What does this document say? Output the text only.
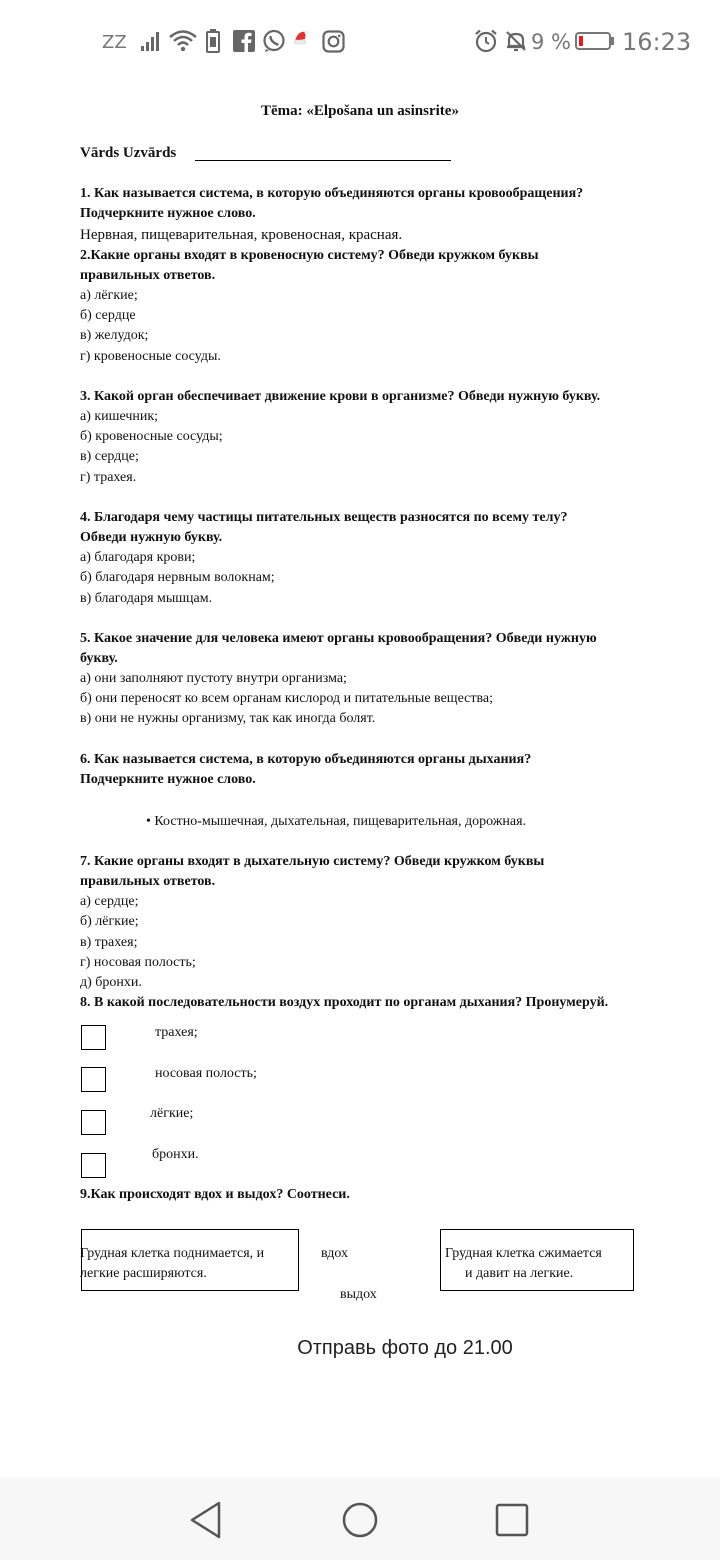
ZZ	9 % 16:23
Tēma: «Elpošana un asinsrite»
Vārds Uzvārds
1. Как называется система, в которую объединяются органы кровообращения?
Подчеркните нужное слово.
Нервная, пищеварительная, кровеносная, красная.
2.Какие органы входят в кровеносную систему? Обведи кружком буквы
правильных ответов.
а) лёгкие;
б) сердце
в) желудок;
г) кровеносные сосуды.
3. Какой орган обеспечивает движение крови в организме? Обведи нужную букву.
а) кишечник;
б) кровеносные сосуды;
в) сердце;
г) трахея.
4. Благодаря чему частицы питательных веществ разносятся по всему телу?
Обведи нужную букву.
а) благодаря крови;
б) благодаря нервным волокнам;
в) благодаря мышцам.
5. Какое значение для человека имеют органы кровообращения? Обведи нужную
букву.
а) они заполняют пустоту внутри организма;
б) они переносят ко всем органам кислород и питательные вещества;
в) они не нужны организму, так как иногда болят.
6. Как называется система, в которую объединяются органы дыхания?
Подчеркните нужное слово.
• Костно-мышечная, дыхательная, пищеварительная, дорожная.
7. Какие органы входят в дыхательную систему? Обведи кружком буквы
правильных ответов.
а) сердце;
б) лёгкие;
в) трахея;
г) носовая полость;
д) бронхи.
8. В какой последовательности воздух проходит по органам дыхания? Пронумеруй.
трахея;
носовая полость;
лёгкие;
бронхи.
9.Как происходят вдох и выдох? Соотнеси.
Грудная клетка поднимается, и
легкие расширяются.
вдох
выдох
Грудная клетка сжимается
и давит на легкие.
Отправь фото до 21.00
